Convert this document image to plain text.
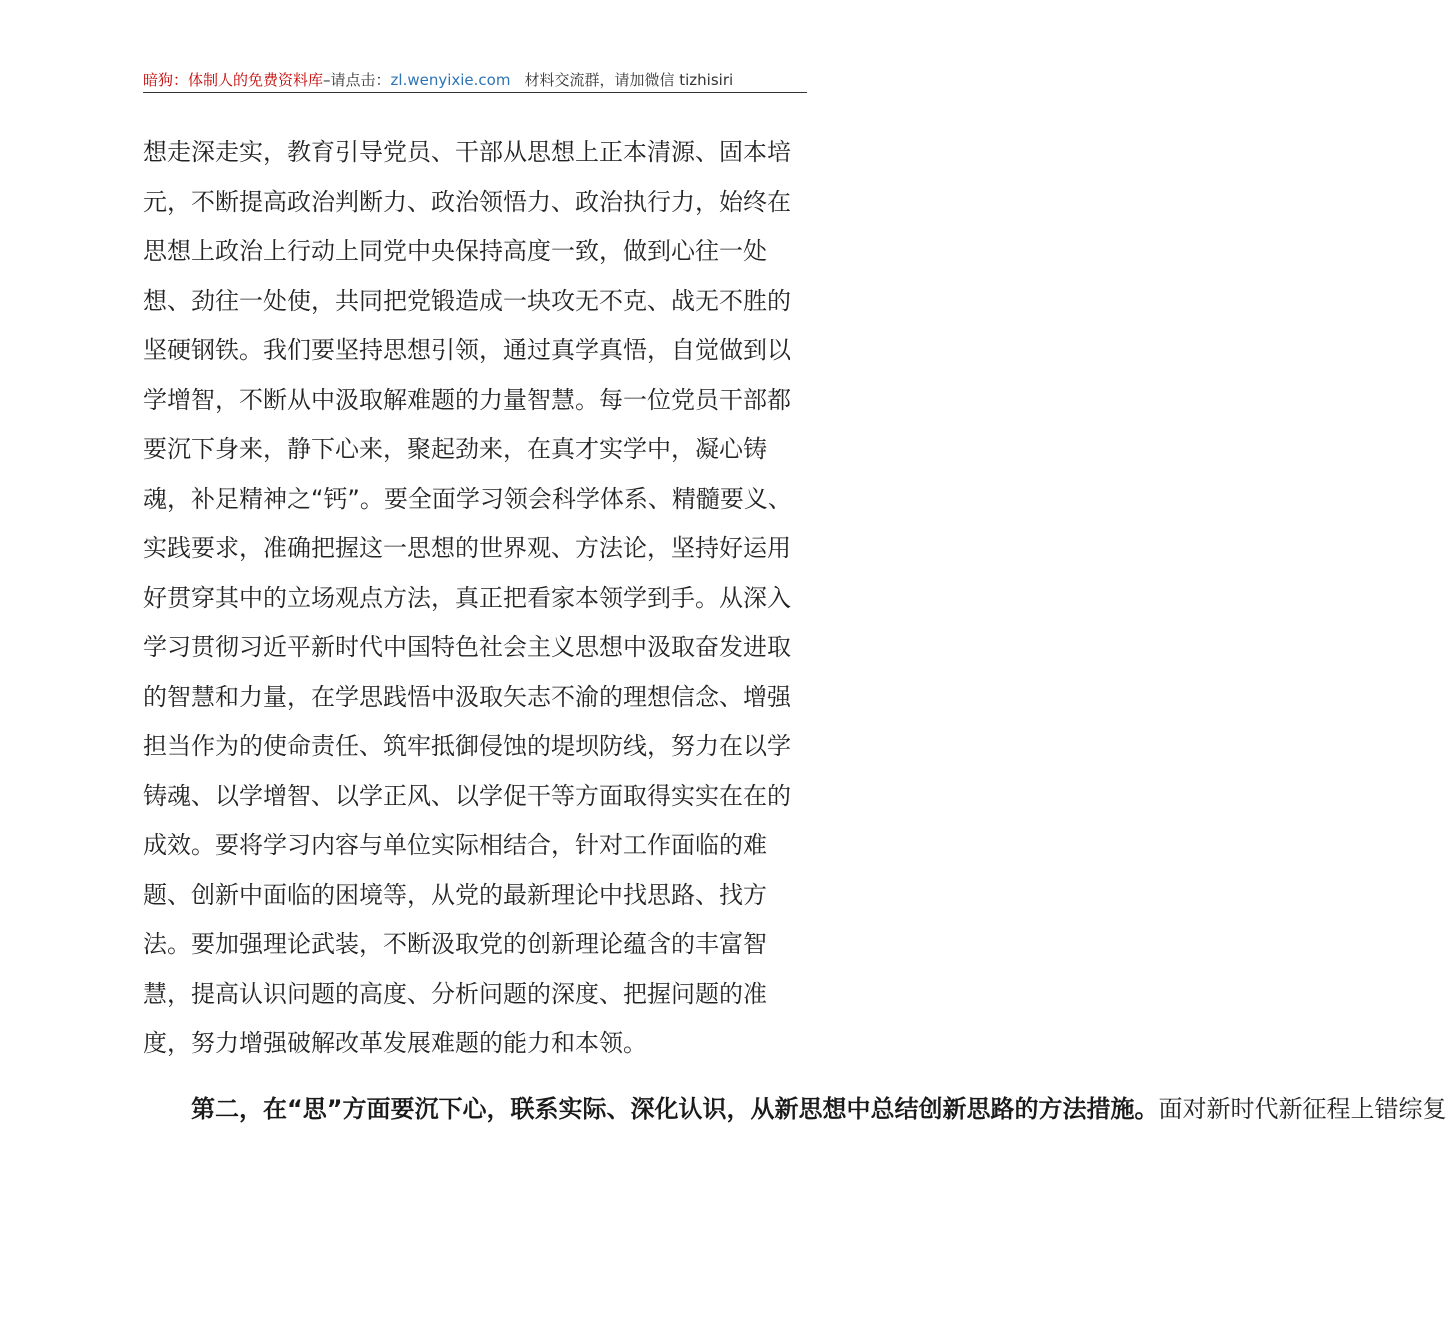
暗狗：体制人的免费资料库–请点击：zl.wenyixie.com 材料交流群，请加微信 tizhisiri

想走深走实，教育引导党员、干部从思想上正本清源、固本培元，不断提高政治判断力、政治领悟力、政治执行力，始终在思想上政治上行动上同党中央保持高度一致，做到心往一处想、劲往一处使，共同把党锻造成一块攻无不克、战无不胜的坚硬钢铁。我们要坚持思想引领，通过真学真悟，自觉做到以学增智，不断从中汲取解难题的力量智慧。每一位党员干部都要沉下身来，静下心来，聚起劲来，在真才实学中，凝心铸魂，补足精神之“钙”。要全面学习领会科学体系、精髓要义、实践要求，准确把握这一思想的世界观、方法论，坚持好运用好贯穿其中的立场观点方法，真正把看家本领学到手。从深入学习贯彻习近平新时代中国特色社会主义思想中汲取奋发进取的智慧和力量，在学思践悟中汲取矢志不渝的理想信念、增强担当作为的使命责任、筑牢抵御侵蚀的堤坝防线，努力在以学铸魂、以学增智、以学正风、以学促干等方面取得实实在在的成效。要将学习内容与单位实际相结合，针对工作面临的难题、创新中面临的困境等，从党的最新理论中找思路、找方法。要加强理论武装，不断汲取党的创新理论蕴含的丰富智慧，提高认识问题的高度、分析问题的深度、把握问题的准度，努力增强破解改革发展难题的能力和本领。

第二，在“思”方面要沉下心，联系实际、深化认识，从新思想中总结创新思路的方法措施。面对新时代新征程上错综复
